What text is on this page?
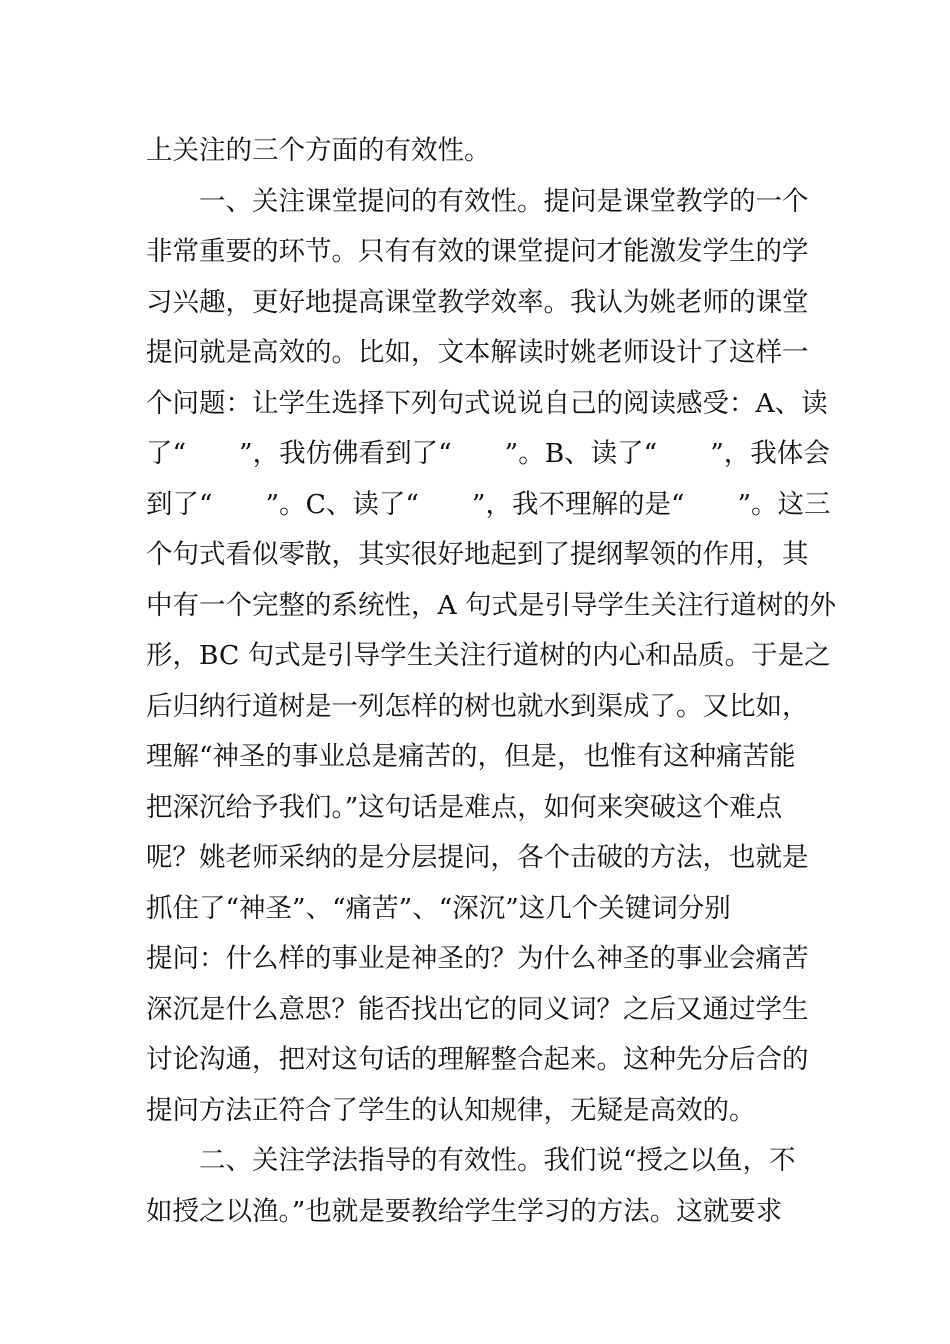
上关注的三个方面的有效性。
　　一、关注课堂提问的有效性。提问是课堂教学的一个
非常重要的环节。只有有效的课堂提问才能激发学生的学
习兴趣，更好地提高课堂教学效率。我认为姚老师的课堂
提问就是高效的。比如，文本解读时姚老师设计了这样一
个问题：让学生选择下列句式说说自己的阅读感受：A、读
了“　　”，我仿佛看到了“　　”。B、读了“　　”，我体会
到了“　　”。C、读了“　　”，我不理解的是“　　”。这三
个句式看似零散，其实很好地起到了提纲挈领的作用，其
中有一个完整的系统性，A 句式是引导学生关注行道树的外
形，BC 句式是引导学生关注行道树的内心和品质。于是之
后归纳行道树是一列怎样的树也就水到渠成了。又比如，
理解“神圣的事业总是痛苦的，但是，也惟有这种痛苦能
把深沉给予我们。”这句话是难点，如何来突破这个难点
呢？姚老师采纳的是分层提问，各个击破的方法，也就是
抓住了“神圣”、“痛苦”、“深沉”这几个关键词分别
提问：什么样的事业是神圣的？为什么神圣的事业会痛苦
深沉是什么意思？能否找出它的同义词？之后又通过学生
讨论沟通，把对这句话的理解整合起来。这种先分后合的
提问方法正符合了学生的认知规律，无疑是高效的。
　　二、关注学法指导的有效性。我们说“授之以鱼，不
如授之以渔。”也就是要教给学生学习的方法。这就要求
